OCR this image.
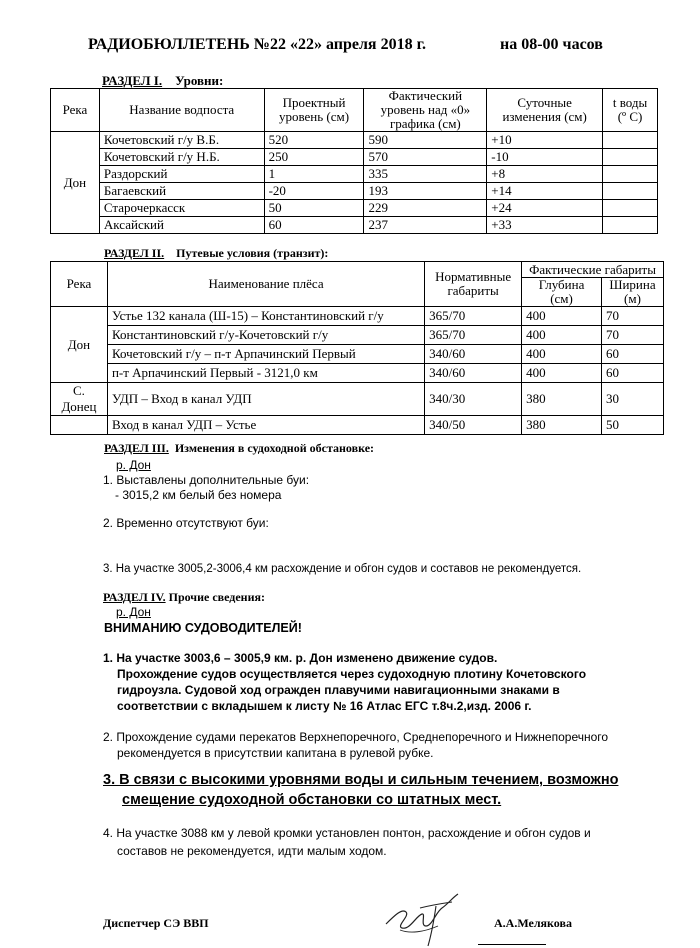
РАДИОБЮЛЛЕТЕНЬ №22 «22» апреля 2018 г.	на 08-00 часов
РАЗДЕЛ I. Уровни:
Река	Название водпоста	Проектный уровень (см)	Фактический уровень над «0» графика (см)	Суточные изменения (см)	t воды (º С)
Дон	Кочетовский г/у В.Б.	520	590	+10	
	Кочетовский г/у Н.Б.	250	570	-10	
	Раздорский	1	335	+8	
	Багаевский	-20	193	+14	
	Старочеркасск	50	229	+24	
	Аксайский	60	237	+33	
РАЗДЕЛ II. Путевые условия (транзит):
Река	Наименование плёса	Нормативные габариты	Фактические габариты	
			Глубина (см)	Ширина (м)
Дон	Устье 132 канала (Ш-15) – Константиновский г/у	365/70	400	70
	Константиновский г/у-Кочетовский г/у	365/70	400	70
	Кочетовский г/у – п-т Арпачинский Первый	340/60	400	60
	п-т Арпачинский Первый - 3121,0 км	340/60	400	60
С. Донец	УДП – Вход в канал УДП	340/30	380	30
	Вход в канал УДП – Устье	340/50	380	50
РАЗДЕЛ III. Изменения в судоходной обстановке:
р. Дон
1. Выставлены дополнительные буи:
- 3015,2 км белый без номера
2. Временно отсутствуют буи:
3. На участке 3005,2-3006,4 км расхождение и обгон судов и составов не рекомендуется.
РАЗДЕЛ IV. Прочие сведения:
р. Дон
ВНИМАНИЮ СУДОВОДИТЕЛЕЙ!
1. На участке 3003,6 – 3005,9 км. р. Дон изменено движение судов.
Прохождение судов осуществляется через судоходную плотину Кочетовского
гидроузла. Судовой ход огражден плавучими навигационными знаками в
соответствии с вкладышем к листу № 16 Атлас ЕГС т.8ч.2,изд. 2006 г.
2. Прохождение судами перекатов Верхнепоречного, Среднепоречного и Нижнепоречного
рекомендуется в присутствии капитана в рулевой рубке.
3. В связи с высокими уровнями воды и сильным течением, возможно
смещение судоходной обстановки со штатных мест.
4. На участке 3088 км у левой кромки установлен понтон, расхождение и обгон судов и
составов не рекомендуется, идти малым ходом.
Диспетчер СЭ ВВП	А.А.Мелякова
